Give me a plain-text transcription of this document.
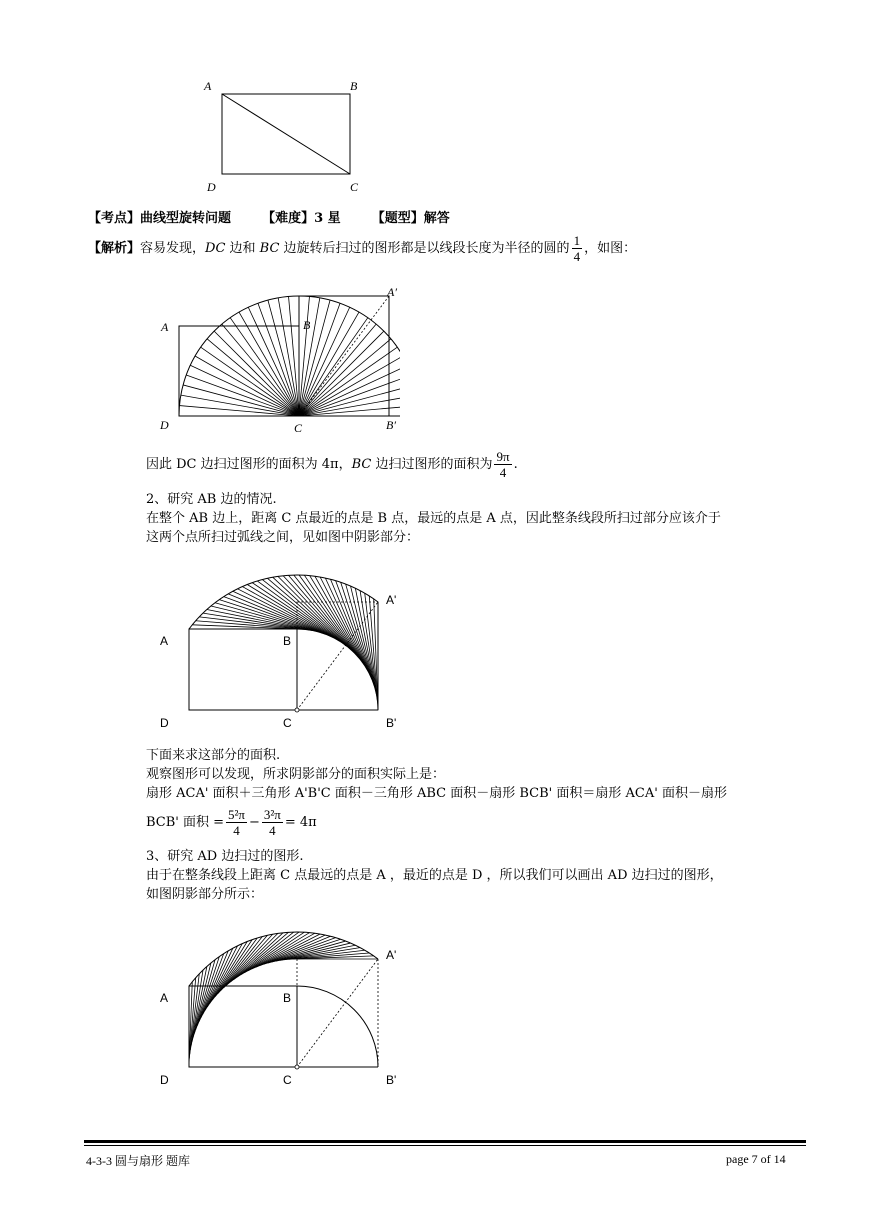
A	B
D	C
【考点】曲线型旋转问题 【难度】3 星 【题型】解答
【解析】容易发现，DC 边和 BC 边旋转后扫过的图形都是以线段长度为半径的圆的 $\frac{1}{4}$ ，如图：
A	B
A′
D	C	B′
因此 DC 边扫过图形的面积为 4π，BC 边扫过图形的面积为 $\frac{9\pi}{4}$ .
2、研究 AB 边的情况.
在整个 AB 边上，距离 C 点最近的点是 B 点，最远的点是 A 点，因此整条线段所扫过部分应该介于
这两个点所扫过弧线之间，见如图中阴影部分：
A	B
A'
D	C	B'
下面来求这部分的面积.
观察图形可以发现，所求阴影部分的面积实际上是：
扇形 ACA' 面积＋三角形 A'B'C 面积－三角形 ABC 面积－扇形 BCB' 面积＝扇形 ACA' 面积－扇形
BCB' 面积 = $\frac{\text{5²π}}{4} - \frac{\text{3²π}}{4} = 4\pi$
3、研究 AD 边扫过的图形.
由于在整条线段上距离 C 点最远的点是 A ，最近的点是 D ，所以我们可以画出 AD 边扫过的图形，
如图阴影部分所示：
A	B
A'
D	C	B'
4-3-3 圆与扇形 题库	page 7 of 14
